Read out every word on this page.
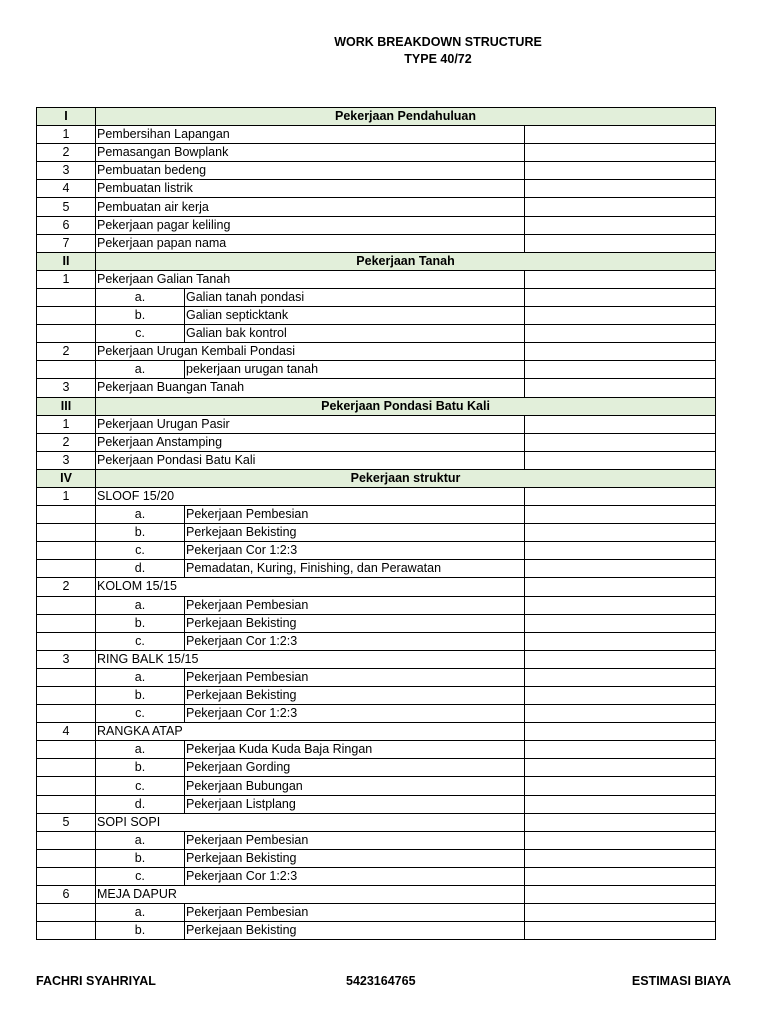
WORK BREAKDOWN STRUCTURE
TYPE 40/72
I	Pekerjaan Pendahuluan		
1	Pembersihan Lapangan		
2	Pemasangan Bowplank		
3	Pembuatan bedeng		
4	Pembuatan listrik		
5	Pembuatan air kerja		
6	Pekerjaan pagar keliling		
7	Pekerjaan papan nama		
II	Pekerjaan Tanah		
1	Pekerjaan Galian Tanah		
	a.	Galian tanah pondasi	
	b.	Galian septicktank	
	c.	Galian bak kontrol	
2	Pekerjaan Urugan Kembali Pondasi		
	a.	pekerjaan urugan tanah	
3	Pekerjaan Buangan Tanah		
III	Pekerjaan Pondasi Batu Kali		
1	Pekerjaan Urugan Pasir		
2	Pekerjaan Anstamping		
3	Pekerjaan Pondasi Batu Kali		
IV	Pekerjaan struktur		
1	SLOOF 15/20		
	a.	Pekerjaan Pembesian	
	b.	Perkejaan Bekisting	
	c.	Pekerjaan Cor 1:2:3	
	d.	Pemadatan, Kuring, Finishing, dan Perawatan	
2	KOLOM 15/15		
	a.	Pekerjaan Pembesian	
	b.	Perkejaan Bekisting	
	c.	Pekerjaan Cor 1:2:3	
3	RING BALK 15/15		
	a.	Pekerjaan Pembesian	
	b.	Perkejaan Bekisting	
	c.	Pekerjaan Cor 1:2:3	
4	RANGKA ATAP		
	a.	Pekerjaa Kuda Kuda Baja Ringan	
	b.	Pekerjaan Gording	
	c.	Pekerjaan Bubungan	
	d.	Pekerjaan Listplang	
5	SOPI SOPI		
	a.	Pekerjaan Pembesian	
	b.	Perkejaan Bekisting	
	c.	Pekerjaan Cor 1:2:3	
6	MEJA DAPUR		
	a.	Pekerjaan Pembesian	
	b.	Perkejaan Bekisting	
FACHRI SYAHRIYAL	5423164765	ESTIMASI BIAYA
